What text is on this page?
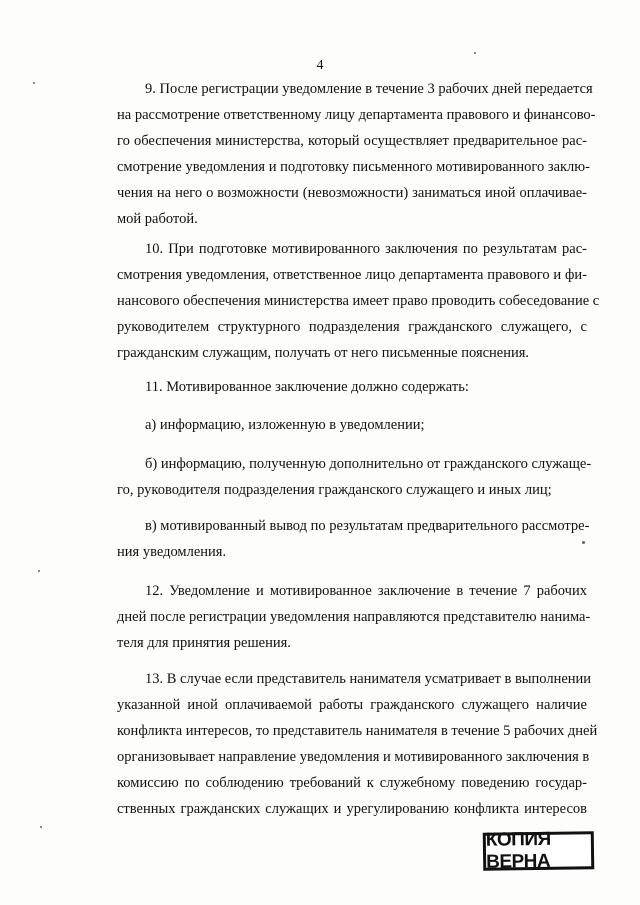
4

9. После регистрации уведомление в течение 3 рабочих дней передается
на рассмотрение ответственному лицу департамента правового и финансово-
го обеспечения министерства, который осуществляет предварительное рас-
смотрение уведомления и подготовку письменного мотивированного заклю-
чения на него о возможности (невозможности) заниматься иной оплачивае-
мой работой.

10. При подготовке мотивированного заключения по результатам рас-
смотрения уведомления, ответственное лицо департамента правового и фи-
нансового обеспечения министерства имеет право проводить собеседование с
руководителем структурного подразделения гражданского служащего, с
гражданским служащим, получать от него письменные пояснения.

11. Мотивированное заключение должно содержать:

а) информацию, изложенную в уведомлении;

б) информацию, полученную дополнительно от гражданского служаще-
го, руководителя подразделения гражданского служащего и иных лиц;

в) мотивированный вывод по результатам предварительного рассмотре-
ния уведомления.

12. Уведомление и мотивированное заключение в течение 7 рабочих
дней после регистрации уведомления направляются представителю нанима-
теля для принятия решения.

13. В случае если представитель нанимателя усматривает в выполнении
указанной иной оплачиваемой работы гражданского служащего наличие
конфликта интересов, то представитель нанимателя в течение 5 рабочих дней
организовывает направление уведомления и мотивированного заключения в
комиссию по соблюдению требований к служебному поведению государ-
ственных гражданских служащих и урегулированию конфликта интересов

КОПИЯ ВЕРНА
